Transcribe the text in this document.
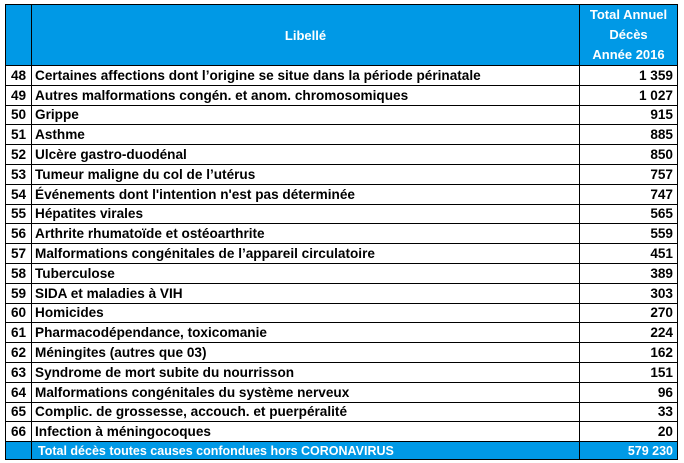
	Libellé	Total Annuel
Décès
Année 2016

48	Certaines affections dont l’origine se situe dans la période périnatale	1 359
49	Autres malformations congén. et anom. chromosomiques	1 027
50	Grippe	915
51	Asthme	885
52	Ulcère gastro-duodénal	850
53	Tumeur maligne du col de l’utérus	757
54	Événements dont l'intention n'est pas déterminée	747
55	Hépatites virales	565
56	Arthrite rhumatoïde et ostéoarthrite	559
57	Malformations congénitales de l’appareil circulatoire	451
58	Tuberculose	389
59	SIDA et maladies à VIH	303
60	Homicides	270
61	Pharmacodépendance, toxicomanie	224
62	Méningites (autres que 03)	162
63	Syndrome de mort subite du nourrisson	151
64	Malformations congénitales du système nerveux	96
65	Complic. de grossesse, accouch. et puerpéralité	33
66	Infection à méningocoques	20
	Total décès toutes causes confondues hors CORONAVIRUS	579 230
